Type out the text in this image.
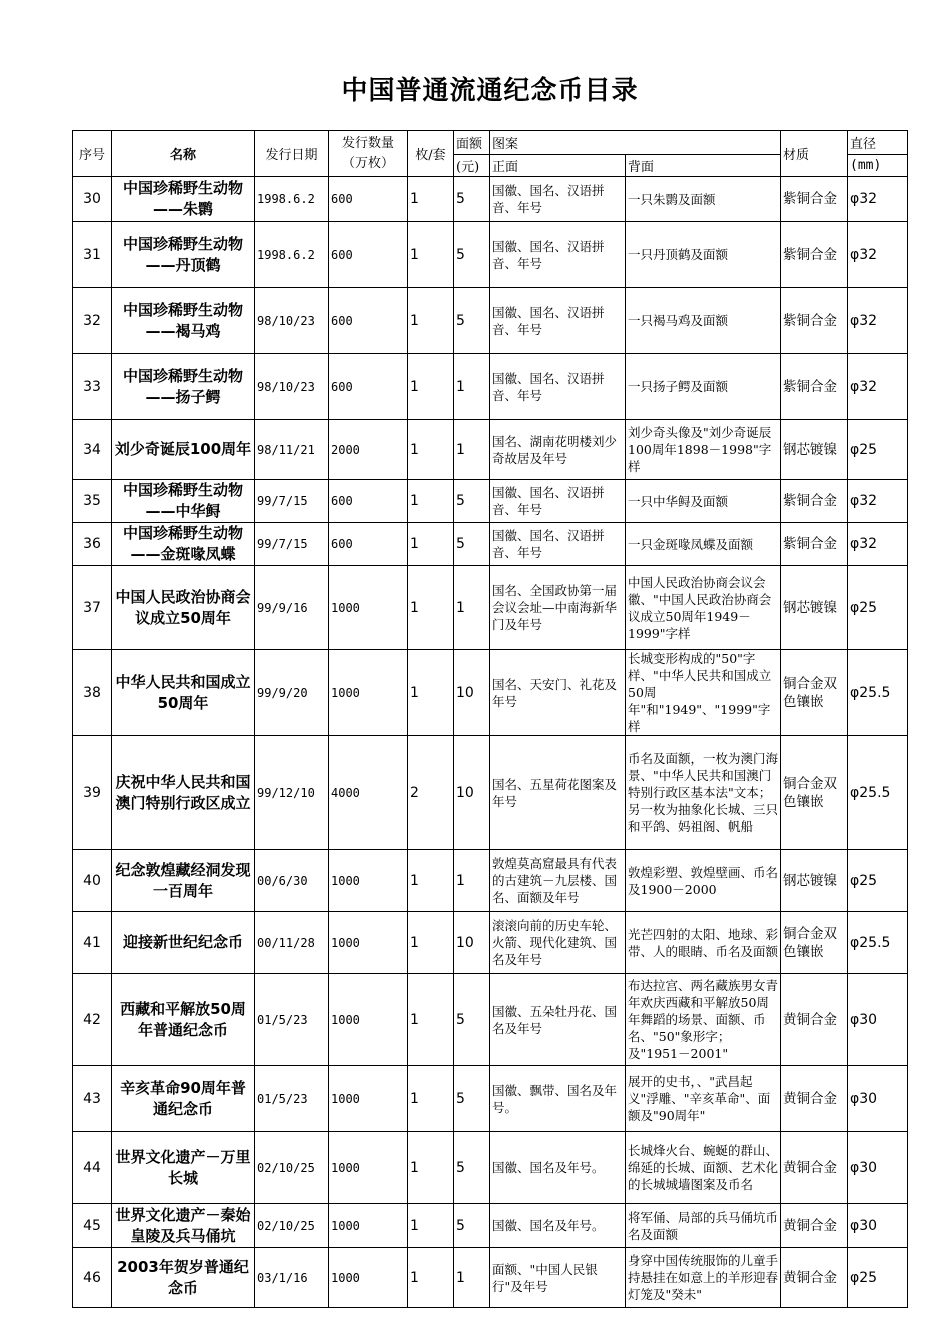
中国普通流通纪念币目录
序号	名称	发行日期	发行数量（万枚）	枚/套	面额	图案		材质	直径
					(元)	正面	背面		(mm)
30	中国珍稀野生动物——朱鹮	1998.6.2	600	1	5	国徽、国名、汉语拼音、年号	一只朱鹮及面额	紫铜合金	φ32
31	中国珍稀野生动物——丹顶鹤	1998.6.2	600	1	5	国徽、国名、汉语拼音、年号	一只丹顶鹤及面额	紫铜合金	φ32
32	中国珍稀野生动物——褐马鸡	98/10/23	600	1	5	国徽、国名、汉语拼音、年号	一只褐马鸡及面额	紫铜合金	φ32
33	中国珍稀野生动物——扬子鳄	98/10/23	600	1	1	国徽、国名、汉语拼音、年号	一只扬子鳄及面额	紫铜合金	φ32
34	刘少奇诞辰100周年	98/11/21	2000	1	1	国名、湖南花明楼刘少奇故居及年号	刘少奇头像及"刘少奇诞辰100周年1898－1998"字样	钢芯镀镍	φ25
35	中国珍稀野生动物——中华鲟	99/7/15	600	1	5	国徽、国名、汉语拼音、年号	一只中华鲟及面额	紫铜合金	φ32
36	中国珍稀野生动物——金斑喙凤蝶	99/7/15	600	1	5	国徽、国名、汉语拼音、年号	一只金斑喙凤蝶及面额	紫铜合金	φ32
37	中国人民政治协商会议成立50周年	99/9/16	1000	1	1	国名、全国政协第一届会议会址—中南海新华门及年号	中国人民政治协商会议会徽、"中国人民政治协商会议成立50周年1949－1999"字样	钢芯镀镍	φ25
38	中华人民共和国成立50周年	99/9/20	1000	1	10	国名、天安门、礼花及年号	长城变形构成的"50"字样、"中华人民共和国成立50周年"和"1949"、"1999"字样	铜合金双色镶嵌	φ25.5
39	庆祝中华人民共和国澳门特别行政区成立	99/12/10	4000	2	10	国名、五星荷花图案及年号	币名及面额，一枚为澳门海景、"中华人民共和国澳门特别行政区基本法"文本；另一枚为抽象化长城、三只和平鸽、妈祖阁、帆船	铜合金双色镶嵌	φ25.5
40	纪念敦煌藏经洞发现一百周年	00/6/30	1000	1	1	敦煌莫高窟最具有代表的古建筑－九层楼、国名、面额及年号	敦煌彩塑、敦煌壁画、币名及1900－2000	钢芯镀镍	φ25
41	迎接新世纪纪念币	00/11/28	1000	1	10	滚滚向前的历史车轮、火箭、现代化建筑、国名及年号	光芒四射的太阳、地球、彩带、人的眼睛、币名及面额	铜合金双色镶嵌	φ25.5
42	西藏和平解放50周年普通纪念币	01/5/23	1000	1	5	国徽、五朵牡丹花、国名及年号	布达拉宫、两名藏族男女青年欢庆西藏和平解放50周年舞蹈的场景、面额、币名、"50"象形字；及"1951－2001"	黄铜合金	φ30
43	辛亥革命90周年普通纪念币	01/5/23	1000	1	5	国徽、飘带、国名及年号。	展开的史书，、"武昌起义"浮雕、"辛亥革命"、面额及"90周年"	黄铜合金	φ30
44	世界文化遗产－万里长城	02/10/25	1000	1	5	国徽、国名及年号。	长城烽火台、蜿蜒的群山、绵延的长城、面额、艺术化的长城城墙图案及币名	黄铜合金	φ30
45	世界文化遗产－秦始皇陵及兵马俑坑	02/10/25	1000	1	5	国徽、国名及年号。	将军俑、局部的兵马俑坑币名及面额	黄铜合金	φ30
46	2003年贺岁普通纪念币	03/1/16	1000	1	1	面额、"中国人民银行"及年号	身穿中国传统服饰的儿童手持悬挂在如意上的羊形迎春灯笼及"癸未"	黄铜合金	φ25
